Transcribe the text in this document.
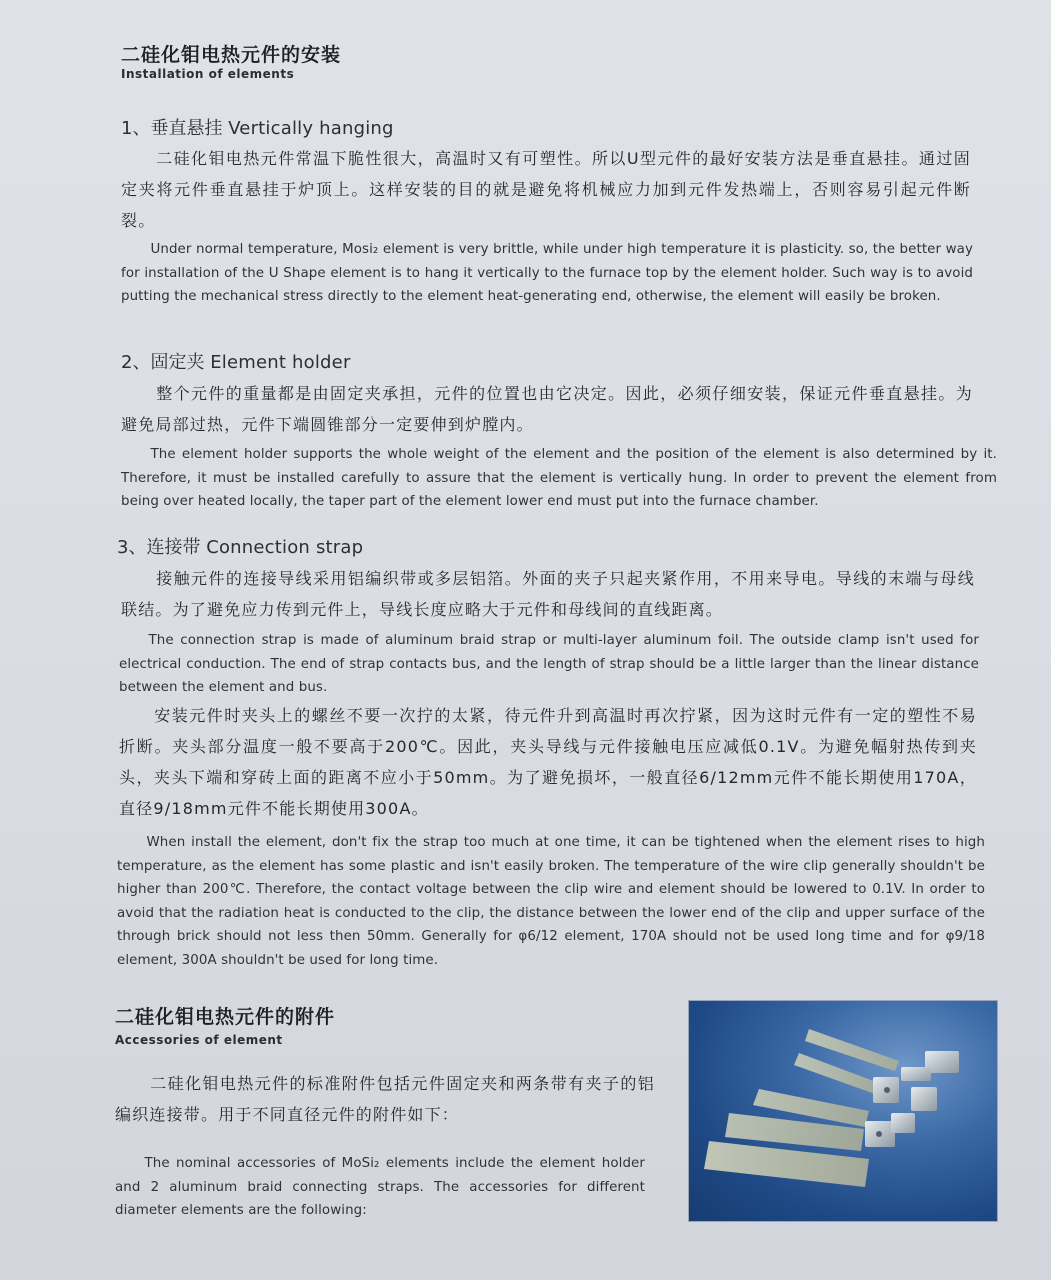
二硅化钼电热元件的安装
Installation of elements
1、垂直悬挂 Vertically hanging
二硅化钼电热元件常温下脆性很大，高温时又有可塑性。所以U型元件的最好安装方法是垂直悬挂。通过固定夹将元件垂直悬挂于炉顶上。这样安装的目的就是避免将机械应力加到元件发热端上，否则容易引起元件断裂。
Under normal temperature, Mosi₂ element is very brittle, while under high temperature it is plasticity. so, the better way for installation of the U Shape element is to hang it vertically to the furnace top by the element holder. Such way is to avoid putting the mechanical stress directly to the element heat-generating end, otherwise, the element will easily be broken.
2、固定夹 Element holder
整个元件的重量都是由固定夹承担，元件的位置也由它决定。因此，必须仔细安装，保证元件垂直悬挂。为避免局部过热，元件下端圆锥部分一定要伸到炉膛内。
The element holder supports the whole weight of the element and the position of the element is also determined by it. Therefore, it must be installed carefully to assure that the element is vertically hung. In order to prevent the element from being over heated locally, the taper part of the element lower end must put into the furnace chamber.
3、连接带 Connection strap
接触元件的连接导线采用铝编织带或多层铝箔。外面的夹子只起夹紧作用，不用来导电。导线的末端与母线联结。为了避免应力传到元件上，导线长度应略大于元件和母线间的直线距离。
The connection strap is made of aluminum braid strap or multi-layer aluminum foil. The outside clamp isn't used for electrical conduction. The end of strap contacts bus, and the length of strap should be a little larger than the linear distance between the element and bus.
安装元件时夹头上的螺丝不要一次拧的太紧，待元件升到高温时再次拧紧，因为这时元件有一定的塑性不易折断。夹头部分温度一般不要高于200℃。因此，夹头导线与元件接触电压应减低0.1V。为避免幅射热传到夹头，夹头下端和穿砖上面的距离不应小于50mm。为了避免损坏，一般直径6/12mm元件不能长期使用170A，直径9/18mm元件不能长期使用300A。
When install the element, don't fix the strap too much at one time, it can be tightened when the element rises to high temperature, as the element has some plastic and isn't easily broken. The temperature of the wire clip generally shouldn't be higher than 200℃. Therefore, the contact voltage between the clip wire and element should be lowered to 0.1V. In order to avoid that the radiation heat is conducted to the clip, the distance between the lower end of the clip and upper surface of the through brick should not less then 50mm. Generally for φ6/12 element, 170A should not be used long time and for φ9/18 element, 300A shouldn't be used for long time.
二硅化钼电热元件的附件
Accessories of element
二硅化钼电热元件的标准附件包括元件固定夹和两条带有夹子的铝编织连接带。用于不同直径元件的附件如下：
The nominal accessories of MoSi₂ elements include the element holder and 2 aluminum braid connecting straps. The accessories for different diameter elements are the following:
